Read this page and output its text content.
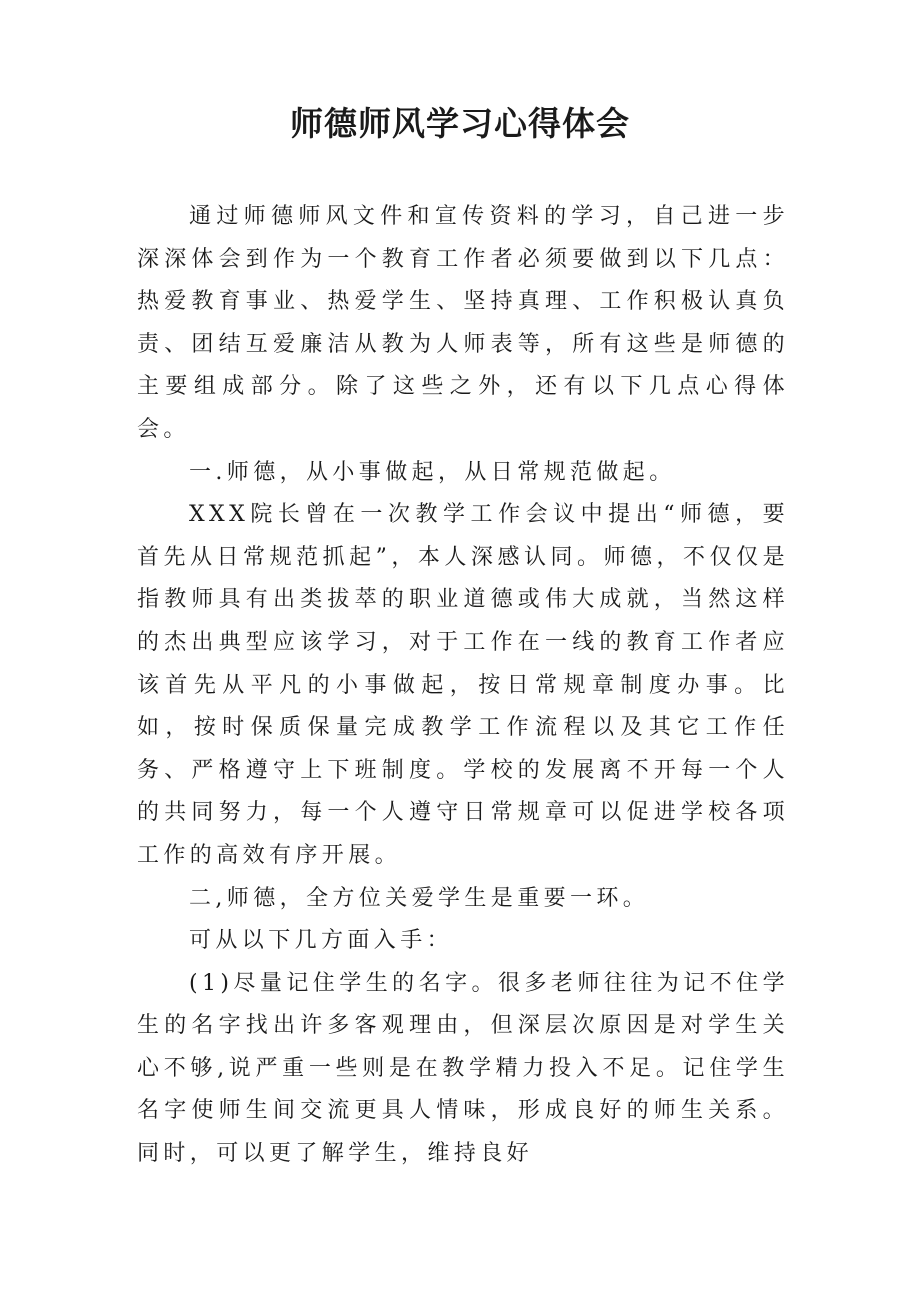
师德师风学习心得体会

通过师德师风文件和宣传资料的学习，自己进一步深深体会到作为一个教育工作者必须要做到以下几点：热爱教育事业、热爱学生、坚持真理、工作积极认真负责、团结互爱廉洁从教为人师表等，所有这些是师德的主要组成部分。除了这些之外，还有以下几点心得体会。

一.师德，从小事做起，从日常规范做起。

XXX院长曾在一次教学工作会议中提出“师德，要首先从日常规范抓起”，本人深感认同。师德，不仅仅是指教师具有出类拔萃的职业道德或伟大成就，当然这样的杰出典型应该学习，对于工作在一线的教育工作者应该首先从平凡的小事做起，按日常规章制度办事。比如，按时保质保量完成教学工作流程以及其它工作任务、严格遵守上下班制度。学校的发展离不开每一个人的共同努力，每一个人遵守日常规章可以促进学校各项工作的高效有序开展。

二,师德，全方位关爱学生是重要一环。

可从以下几方面入手：

(1)尽量记住学生的名字。很多老师往往为记不住学生的名字找出许多客观理由，但深层次原因是对学生关心不够,说严重一些则是在教学精力投入不足。记住学生名字使师生间交流更具人情味，形成良好的师生关系。同时，可以更了解学生，维持良好
